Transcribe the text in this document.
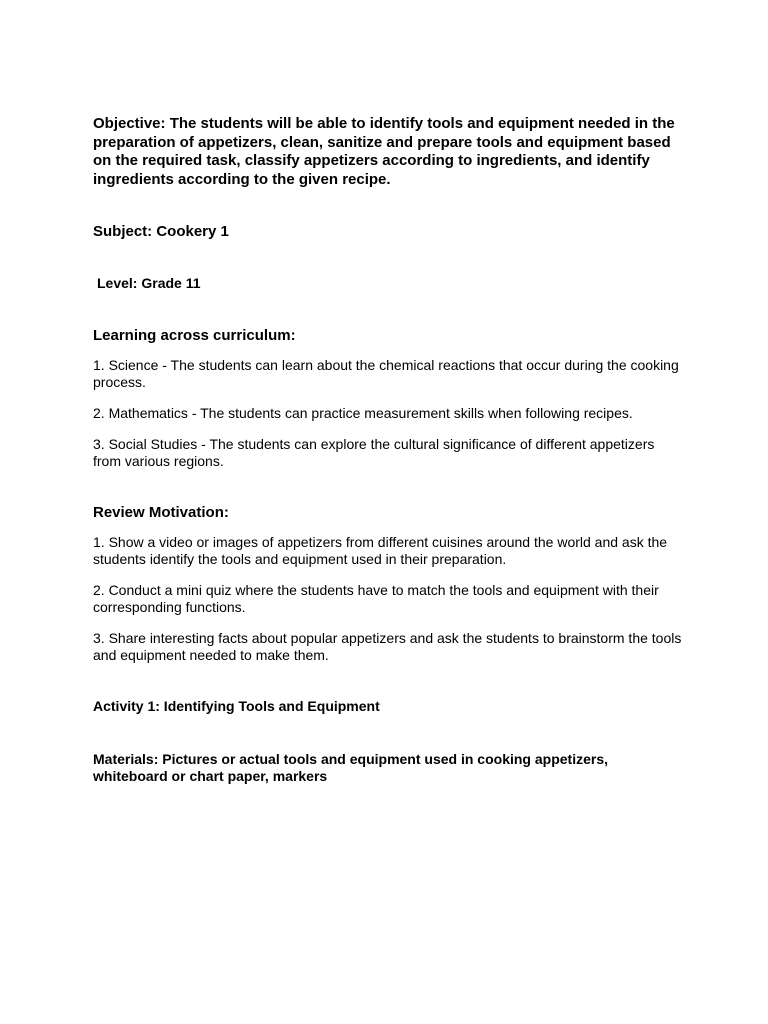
Objective: The students will be able to identify tools and equipment needed in the preparation of appetizers, clean, sanitize and prepare tools and equipment based on the required task, classify appetizers according to ingredients, and identify ingredients according to the given recipe.

Subject: Cookery 1

Level: Grade 11

Learning across curriculum:

1. Science - The students can learn about the chemical reactions that occur during the cooking process.

2. Mathematics - The students can practice measurement skills when following recipes.

3. Social Studies - The students can explore the cultural significance of different appetizers from various regions.

Review Motivation:

1. Show a video or images of appetizers from different cuisines around the world and ask the students identify the tools and equipment used in their preparation.

2. Conduct a mini quiz where the students have to match the tools and equipment with their corresponding functions.

3. Share interesting facts about popular appetizers and ask the students to brainstorm the tools and equipment needed to make them.

Activity 1: Identifying Tools and Equipment

Materials: Pictures or actual tools and equipment used in cooking appetizers, whiteboard or chart paper, markers
